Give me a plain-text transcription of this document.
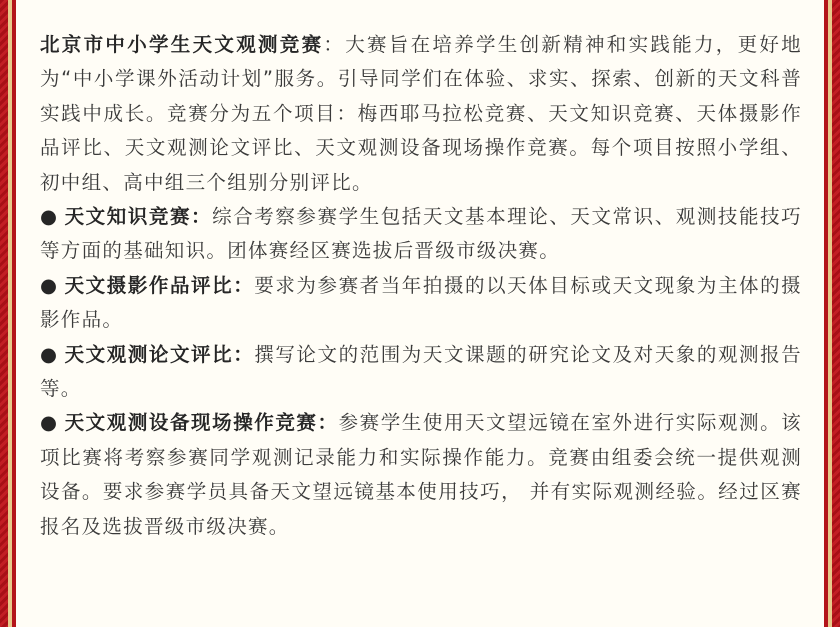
北京市中小学生天文观测竞赛：大赛旨在培养学生创新精神和实践能力，更好地为“中小学课外活动计划”服务。引导同学们在体验、求实、探索、创新的天文科普实践中成长。竞赛分为五个项目：梅西耶马拉松竞赛、天文知识竞赛、天体摄影作品评比、天文观测论文评比、天文观测设备现场操作竞赛。每个项目按照小学组、初中组、高中组三个组别分别评比。

● 天文知识竞赛：综合考察参赛学生包括天文基本理论、天文常识、观测技能技巧等方面的基础知识。团体赛经区赛选拔后晋级市级决赛。

● 天文摄影作品评比：要求为参赛者当年拍摄的以天体目标或天文现象为主体的摄影作品。

● 天文观测论文评比：撰写论文的范围为天文课题的研究论文及对天象的观测报告等。

● 天文观测设备现场操作竞赛：参赛学生使用天文望远镜在室外进行实际观测。该项比赛将考察参赛同学观测记录能力和实际操作能力。竞赛由组委会统一提供观测设备。要求参赛学员具备天文望远镜基本使用技巧， 并有实际观测经验。经过区赛报名及选拔晋级市级决赛。
